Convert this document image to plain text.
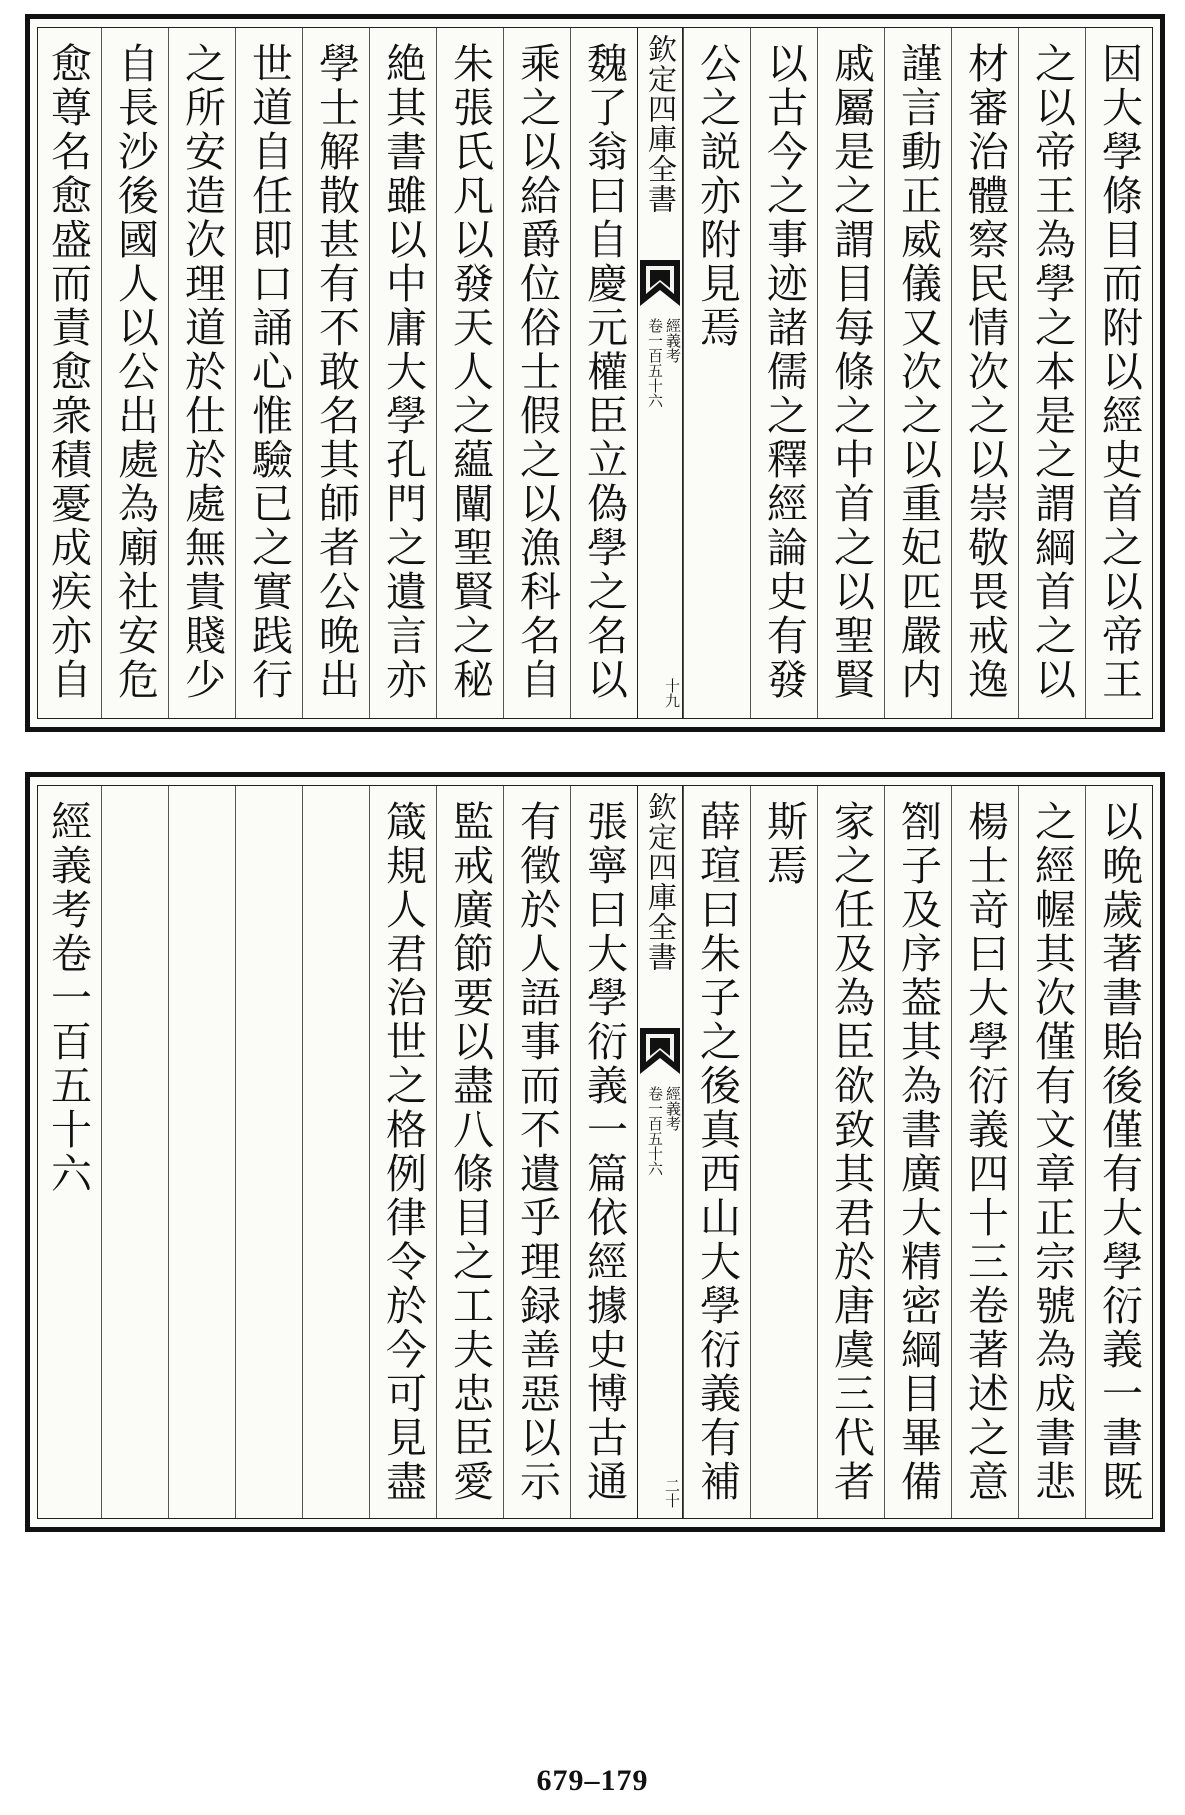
因大學條目而附以經史首之以帝王
之以帝王為學之本是之謂綱首之以
材審治體察民情次之以崇敬畏戒逸
謹言動正威儀又次之以重妃匹嚴内
戚屬是之謂目每條之中首之以聖賢
以古今之事迹諸儒之釋經論史有發
公之説亦附見焉
欽定四庫全書
經義考
卷一百五十六
十九
魏了翁曰自慶元權臣立偽學之名以
乘之以給爵位俗士假之以漁科名自
朱張氏凡以發天人之藴闡聖賢之秘
絶其書雖以中庸大學孔門之遺言亦
學士解散甚有不敢名其師者公晚出
世道自任即口誦心惟驗已之實践行
之所安造次理道於仕於處無貴賤少
自長沙後國人以公出處為廟社安危
愈尊名愈盛而責愈衆積憂成疾亦自
以晩歲著書貽後僅有大學衍義一書既
之經幄其次僅有文章正宗號為成書悲
楊士竒曰大學衍義四十三卷著述之意
劄子及序葢其為書廣大精密綱目畢備
家之任及為臣欲致其君於唐虞三代者
斯焉
薛瑄曰朱子之後真西山大學衍義有補
欽定四庫全書
經義考
卷一百五十六
二十
張寧曰大學衍義一篇依經據史博古通
有徵於人語事而不遺乎理録善惡以示
監戒廣節要以盡八條目之工夫忠臣愛
箴規人君治世之格例律令於今可見盡
經義考卷一百五十六
679–179
